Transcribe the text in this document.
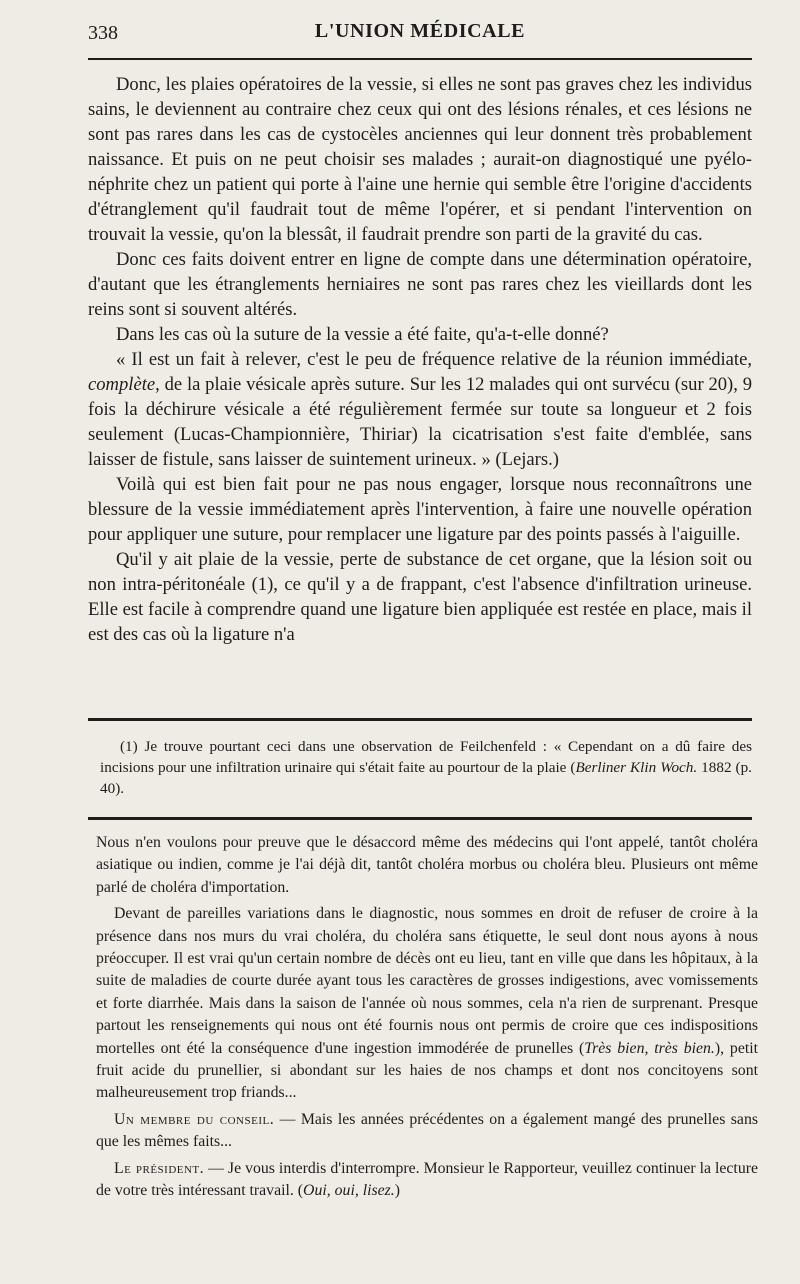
338	L'UNION MÉDICALE

Donc, les plaies opératoires de la vessie, si elles ne sont pas graves chez les individus sains, le deviennent au contraire chez ceux qui ont des lésions rénales, et ces lésions ne sont pas rares dans les cas de cystocèles anciennes qui leur donnent très probablement naissance. Et puis on ne peut choisir ses malades ; aurait-on diagnostiqué une pyélo-néphrite chez un patient qui porte à l'aine une hernie qui semble être l'origine d'accidents d'étranglement qu'il faudrait tout de même l'opérer, et si pendant l'intervention on trouvait la vessie, qu'on la blessât, il faudrait prendre son parti de la gravité du cas.

Donc ces faits doivent entrer en ligne de compte dans une détermination opératoire, d'autant que les étranglements herniaires ne sont pas rares chez les vieillards dont les reins sont si souvent altérés.

Dans les cas où la suture de la vessie a été faite, qu'a-t-elle donné?

« Il est un fait à relever, c'est le peu de fréquence relative de la réunion immédiate, complète, de la plaie vésicale après suture. Sur les 12 malades qui ont survécu (sur 20), 9 fois la déchirure vésicale a été régulièrement fermée sur toute sa longueur et 2 fois seulement (Lucas-Championnière, Thiriar) la cicatrisation s'est faite d'emblée, sans laisser de fistule, sans laisser de suintement urineux. » (Lejars.)

Voilà qui est bien fait pour ne pas nous engager, lorsque nous reconnaîtrons une blessure de la vessie immédiatement après l'intervention, à faire une nouvelle opération pour appliquer une suture, pour remplacer une ligature par des points passés à l'aiguille.

Qu'il y ait plaie de la vessie, perte de substance de cet organe, que la lésion soit ou non intra-péritonéale (1), ce qu'il y a de frappant, c'est l'absence d'infiltration urineuse. Elle est facile à comprendre quand une ligature bien appliquée est restée en place, mais il est des cas où la ligature n'a

(1) Je trouve pourtant ceci dans une observation de Feilchenfeld : « Cependant on a dû faire des incisions pour une infiltration urinaire qui s'était faite au pourtour de la plaie (Berliner Klin Woch. 1882 (p. 40).

Nous n'en voulons pour preuve que le désaccord même des médecins qui l'ont appelé, tantôt choléra asiatique ou indien, comme je l'ai déjà dit, tantôt choléra morbus ou choléra bleu. Plusieurs ont même parlé de choléra d'importation.

Devant de pareilles variations dans le diagnostic, nous sommes en droit de refuser de croire à la présence dans nos murs du vrai choléra, du choléra sans étiquette, le seul dont nous ayons à nous préoccuper. Il est vrai qu'un certain nombre de décès ont eu lieu, tant en ville que dans les hôpitaux, à la suite de maladies de courte durée ayant tous les caractères de grosses indigestions, avec vomissements et forte diarrhée. Mais dans la saison de l'année où nous sommes, cela n'a rien de surprenant. Presque partout les renseignements qui nous ont été fournis nous ont permis de croire que ces indispositions mortelles ont été la conséquence d'une ingestion immodérée de prunelles (Très bien, très bien.), petit fruit acide du prunellier, si abondant sur les haies de nos champs et dont nos concitoyens sont malheureusement trop friands...

Un membre du conseil. — Mais les années précédentes on a également mangé des prunelles sans que les mêmes faits...

Le président. — Je vous interdis d'interrompre. Monsieur le Rapporteur, veuillez continuer la lecture de votre très intéressant travail. (Oui, oui, lisez.)
